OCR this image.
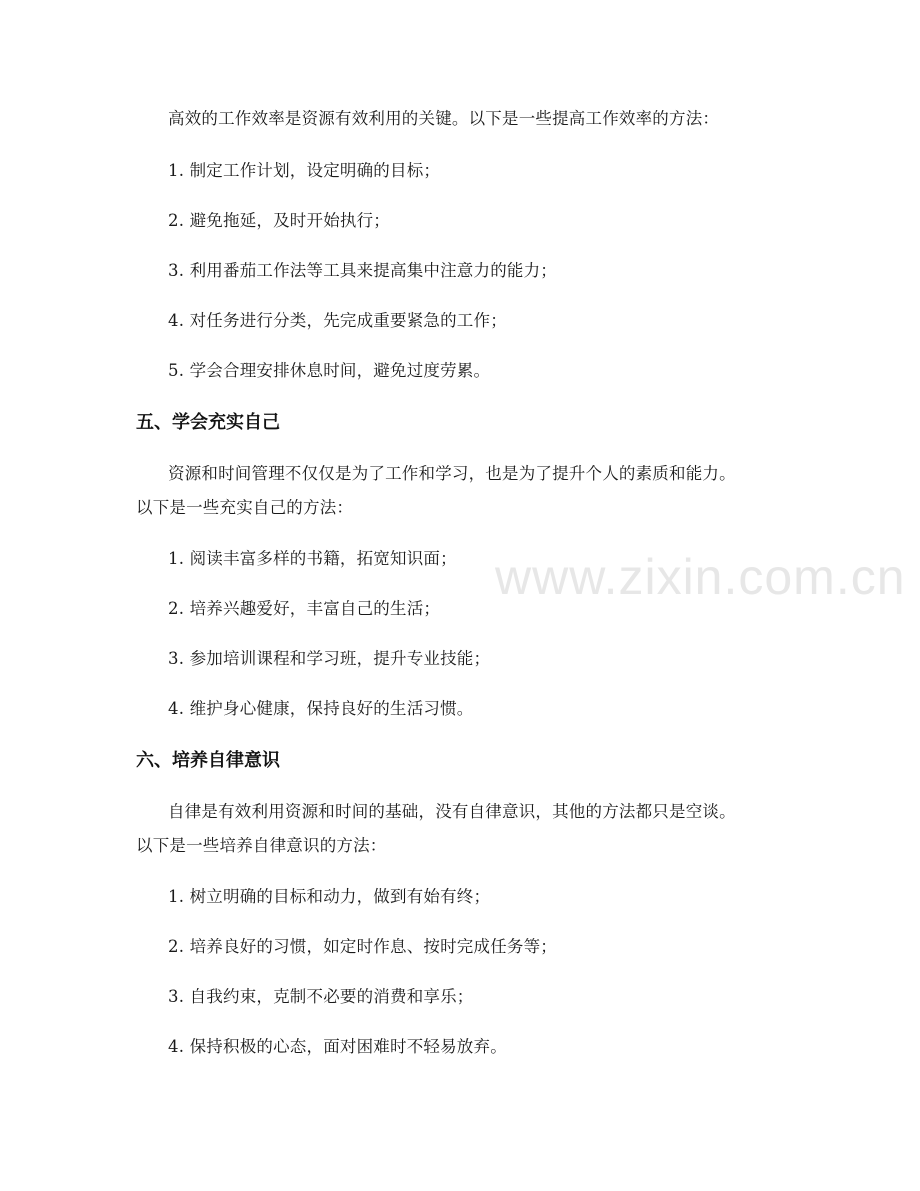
高效的工作效率是资源有效利用的关键。以下是一些提高工作效率的方法：
1. 制定工作计划，设定明确的目标；
2. 避免拖延，及时开始执行；
3. 利用番茄工作法等工具来提高集中注意力的能力；
4. 对任务进行分类，先完成重要紧急的工作；
5. 学会合理安排休息时间，避免过度劳累。
五、学会充实自己
资源和时间管理不仅仅是为了工作和学习，也是为了提升个人的素质和能力。
以下是一些充实自己的方法：
1. 阅读丰富多样的书籍，拓宽知识面；
2. 培养兴趣爱好，丰富自己的生活；
3. 参加培训课程和学习班，提升专业技能；
4. 维护身心健康，保持良好的生活习惯。
六、培养自律意识
自律是有效利用资源和时间的基础，没有自律意识，其他的方法都只是空谈。
以下是一些培养自律意识的方法：
1. 树立明确的目标和动力，做到有始有终；
2. 培养良好的习惯，如定时作息、按时完成任务等；
3. 自我约束，克制不必要的消费和享乐；
4. 保持积极的心态，面对困难时不轻易放弃。
www.zixin.com.cn
